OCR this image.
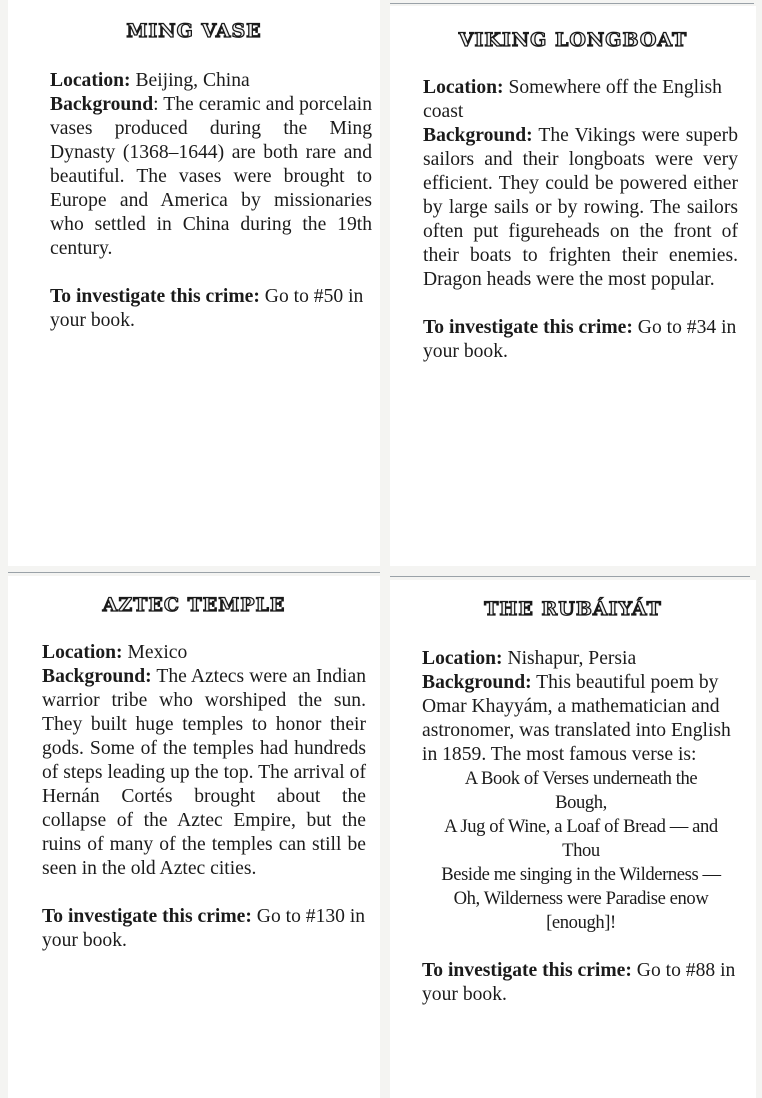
MING VASE

Location: Beijing, China

Background: The ceramic and porcelain vases produced during the Ming Dynasty (1368–1644) are both rare and beautiful. The vases were brought to Europe and America by missionaries who settled in China during the 19th century.

To investigate this crime: Go to #50 in your book.

VIKING LONGBOAT

Location: Somewhere off the English coast

Background: The Vikings were superb sailors and their longboats were very efficient. They could be powered either by large sails or by rowing. The sailors often put figureheads on the front of their boats to frighten their enemies. Dragon heads were the most popular.

To investigate this crime: Go to #34 in your book.

AZTEC TEMPLE

Location: Mexico

Background: The Aztecs were an Indian warrior tribe who worshiped the sun. They built huge temples to honor their gods. Some of the temples had hundreds of steps leading up the top. The arrival of Hernán Cortés brought about the collapse of the Aztec Empire, but the ruins of many of the temples can still be seen in the old Aztec cities.

To investigate this crime: Go to #130 in your book.

THE RUBÁIYÁT

Location: Nishapur, Persia

Background: This beautiful poem by Omar Khayyám, a mathematician and astronomer, was translated into English in 1859. The most famous verse is:

A Book of Verses underneath the
Bough,
A Jug of Wine, a Loaf of Bread — and
Thou
Beside me singing in the Wilderness —
Oh, Wilderness were Paradise enow
[enough]!

To investigate this crime: Go to #88 in your book.
